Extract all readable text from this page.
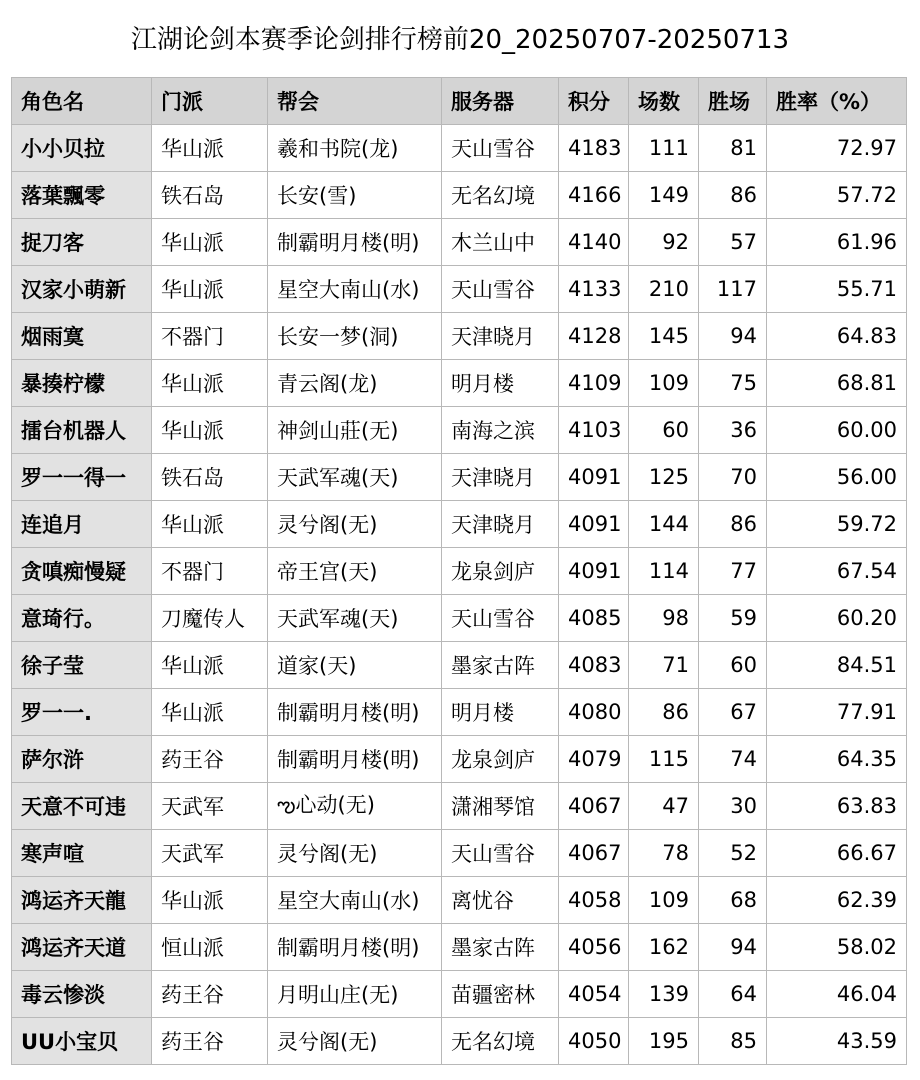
江湖论剑本赛季论剑排行榜前20_20250707-20250713
角色名	门派	帮会	服务器	积分	场数	胜场	胜率（%）
小小贝拉	华山派	羲和书院(龙)	天山雪谷	4183	111	81	72.97
落葉飄零	铁石岛	长安(雪)	无名幻境	4166	149	86	57.72
捉刀客	华山派	制霸明月楼(明)	木兰山中	4140	92	57	61.96
汉家小萌新	华山派	星空大南山(水)	天山雪谷	4133	210	117	55.71
烟雨寞	不器门	长安一梦(洞)	天津晓月	4128	145	94	64.83
暴揍柠檬	华山派	青云阁(龙)	明月楼	4109	109	75	68.81
擂台机器人	华山派	神剑山莊(无)	南海之滨	4103	60	36	60.00
罗一一得一	铁石岛	天武军魂(天)	天津晓月	4091	125	70	56.00
连追月	华山派	灵兮阁(无)	天津晓月	4091	144	86	59.72
贪嗔痴慢疑	不器门	帝王宫(天)	龙泉剑庐	4091	114	77	67.54
意琦行。	刀魔传人	天武军魂(天)	天山雪谷	4085	98	59	60.20
徐子莹	华山派	道家(天)	墨家古阵	4083	71	60	84.51
罗一一.	华山派	制霸明月楼(明)	明月楼	4080	86	67	77.91
萨尔浒	药王谷	制霸明月楼(明)	龙泉剑庐	4079	115	74	64.35
天意不可违	天武军	ఌ心动(无)	潇湘琴馆	4067	47	30	63.83
寒声喧	天武军	灵兮阁(无)	天山雪谷	4067	78	52	66.67
鸿运齐天龍	华山派	星空大南山(水)	离忧谷	4058	109	68	62.39
鸿运齐天道	恒山派	制霸明月楼(明)	墨家古阵	4056	162	94	58.02
毒云惨淡	药王谷	月明山庄(无)	苗疆密林	4054	139	64	46.04
UU小宝贝	药王谷	灵兮阁(无)	无名幻境	4050	195	85	43.59
